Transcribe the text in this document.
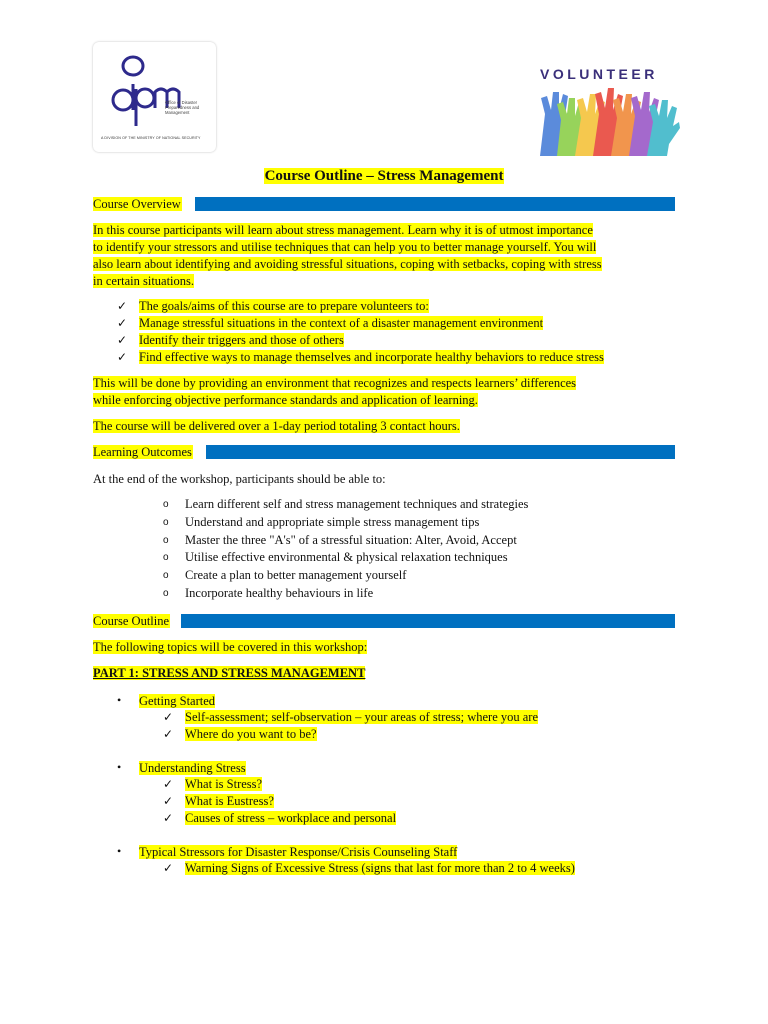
Office of Disaster Preparedness and Management
A DIVISION OF THE MINISTRY OF NATIONAL SECURITY
VOLUNTEER
Course Outline – Stress Management
Course Overview
In this course participants will learn about stress management. Learn why it is of utmost importance
to identify your stressors and utilise techniques that can help you to better manage yourself. You will
also learn about identifying and avoiding stressful situations, coping with setbacks, coping with stress
in certain situations.
✓ The goals/aims of this course are to prepare volunteers to:
✓ Manage stressful situations in the context of a disaster management environment
✓ Identify their triggers and those of others
✓ Find effective ways to manage themselves and incorporate healthy behaviors to reduce stress
This will be done by providing an environment that recognizes and respects learners’ differences
while enforcing objective performance standards and application of learning.
The course will be delivered over a 1-day period totaling 3 contact hours.
Learning Outcomes
At the end of the workshop, participants should be able to:
o Learn different self and stress management techniques and strategies
o Understand and appropriate simple stress management tips
o Master the three "A's" of a stressful situation: Alter, Avoid, Accept
o Utilise effective environmental & physical relaxation techniques
o Create a plan to better management yourself
o Incorporate healthy behaviours in life
Course Outline
The following topics will be covered in this workshop:
PART 1: STRESS AND STRESS MANAGEMENT
• Getting Started
✓ Self-assessment; self-observation – your areas of stress; where you are
✓ Where do you want to be?
• Understanding Stress
✓ What is Stress?
✓ What is Eustress?
✓ Causes of stress – workplace and personal
• Typical Stressors for Disaster Response/Crisis Counseling Staff
✓ Warning Signs of Excessive Stress (signs that last for more than 2 to 4 weeks)
